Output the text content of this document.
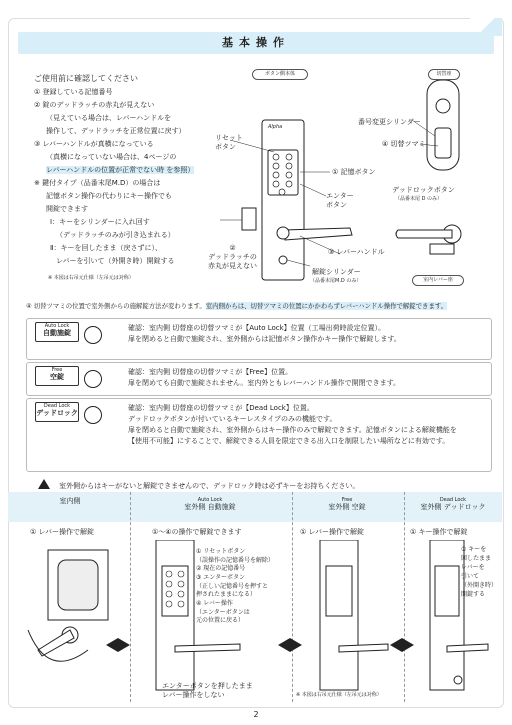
基本操作
ご使用前に確認してください
① 登録している記憶番号
② 錠のデッドラッチの赤丸が見えない
（見えている場合は、レバーハンドルを
操作して、デッドラッチを正常位置に戻す）
③ レバーハンドルが真横になっている
（真横になっていない場合は、4ページの
レバーハンドルの位置が正常でない時 を参照）
※ 鍵付タイプ（品番末尾M.D）の場合は
記憶ボタン操作の代わりにキー操作でも
開錠できます
Ⅰ：キーをシリンダーに入れ回す
（デッドラッチのみが引き込まれる）
Ⅱ：キーを回したまま（戻さずに）、
レバーを引いて（外開き時）開錠する
※ 本図は右吊元仕様（左吊元は対称）
ボタン側本体	切替座
室内レバー座
リセット
ボタン
Alpha
① 記憶ボタン
エンター
ボタン
②
デッドラッチの
赤丸が見えない
③ レバーハンドル
解錠シリンダー
（品番末尾M.D のみ）
番号変更シリンダー
④ 切替ツマミ
デッドロックボタン
（品番末尾 D のみ）
④ 切替ツマミの位置で室外側からの施解錠方法が変わります。室内側からは、切替ツマミの位置にかかわらずレバーハンドル操作で解錠できます。
Auto Lock
自動施錠
確認：室内側 切替座の切替ツマミが【Auto Lock】位置（工場出荷時設定位置）。
扉を閉めると自動で施錠され、室外側からは記憶ボタン操作かキー操作で解錠します。
Free
空錠
確認：室内側 切替座の切替ツマミが【Free】位置。
扉を閉めても自動で施錠されません。室内外ともレバーハンドル操作で開閉できます。
Dead Lock
デッドロック
確認：室内側 切替座の切替ツマミが【Dead Lock】位置。
デッドロックボタンが付いているキーレスタイプのみの機能です。
扉を閉めると自動で施錠され、室外側からはキー操作のみで解錠できます。記憶ボタンによる解錠機能を
【使用不可能】にすることで、解錠できる人員を限定できる出入口を制限したい場所などに有効です。
室外側からはキーがないと解錠できませんので、デッドロック時は必ずキーをお持ちください。
室内側	Auto Lock
室外側 自動施錠
Free
室外側 空錠
Dead Lock
室外側 デッドロック
① レバー操作で解錠	①〜④の操作で解錠できます	① レバー操作で解錠	① キー操作で解錠
① リセットボタン
（誤操作の記憶番号を解除）
② 現在の記憶番号
③ エンターボタン
（正しい記憶番号を押すと
押されたままになる）
④ レバー操作
（エンターボタンは
元の位置に戻る）
エンターボタンを押したまま
レバー操作をしない
① キーを
回したまま
レバーを
引いて
（外開き時）
開錠する
※ 本図は右吊元仕様（左吊元は対称）
2
